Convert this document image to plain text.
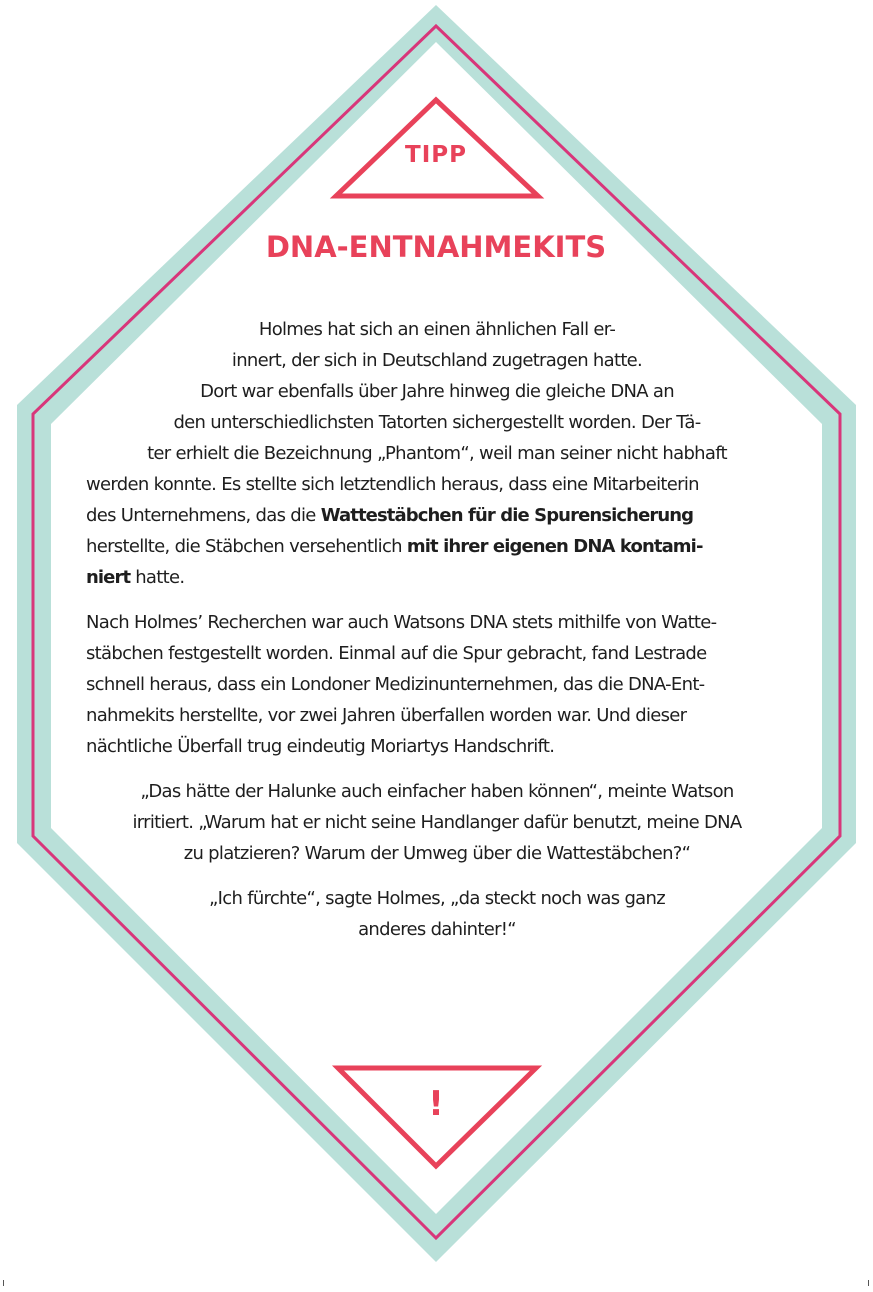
TIPP
!
DNA-ENTNAHMEKITS
Holmes hat sich an einen ähnlichen Fall er-
innert, der sich in Deutschland zugetragen hatte.
Dort war ebenfalls über Jahre hinweg die gleiche DNA an
den unterschiedlichsten Tatorten sichergestellt worden. Der Tä-
ter erhielt die Bezeichnung „Phantom“, weil man seiner nicht habhaft
werden konnte. Es stellte sich letztendlich heraus, dass eine Mitarbeiterin
des Unternehmens, das die Wattestäbchen für die Spurensicherung
herstellte, die Stäbchen versehentlich mit ihrer eigenen DNA kontami-
niert hatte.
Nach Holmes’ Recherchen war auch Watsons DNA stets mithilfe von Watte-
stäbchen festgestellt worden. Einmal auf die Spur gebracht, fand Lestrade
schnell heraus, dass ein Londoner Medizinunternehmen, das die DNA-Ent-
nahmekits herstellte, vor zwei Jahren überfallen worden war. Und dieser
nächtliche Überfall trug eindeutig Moriartys Handschrift.
„Das hätte der Halunke auch einfacher haben können“, meinte Watson
irritiert. „Warum hat er nicht seine Handlanger dafür benutzt, meine DNA
zu platzieren? Warum der Umweg über die Wattestäbchen?“
„Ich fürchte“, sagte Holmes, „da steckt noch was ganz
anderes dahinter!“
